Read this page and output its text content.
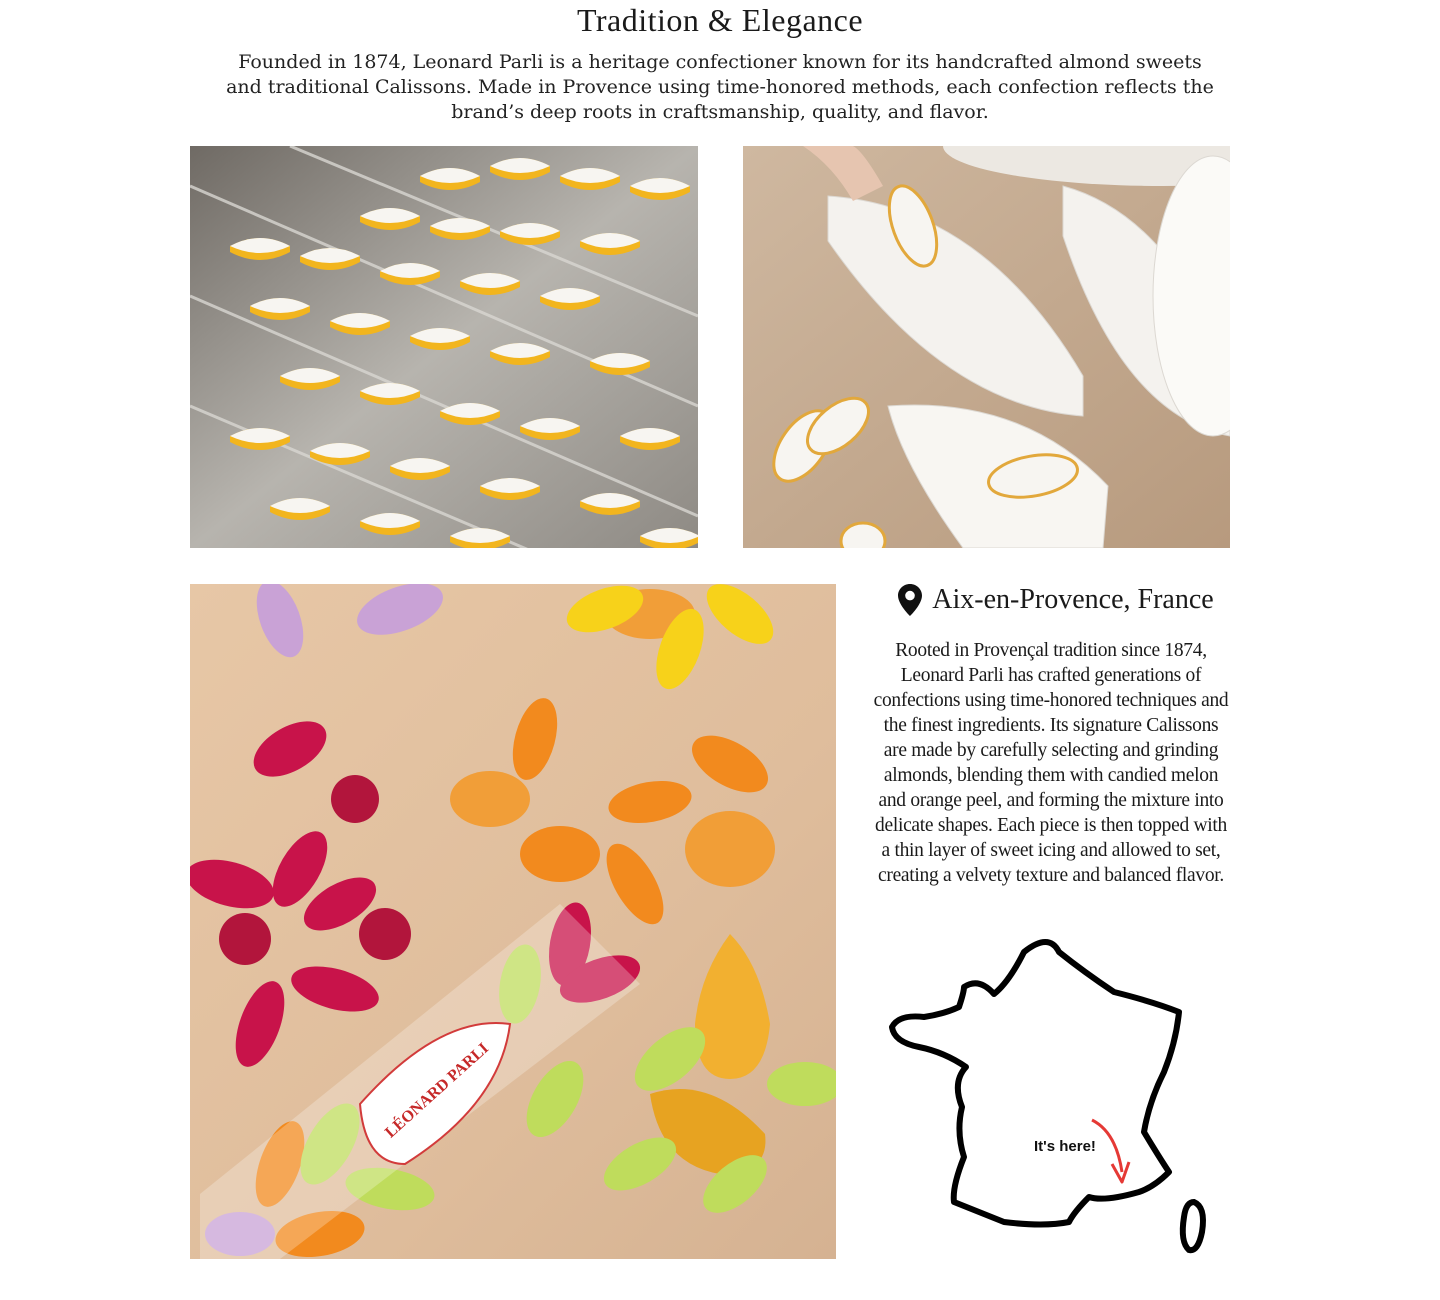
Tradition & Elegance
Founded in 1874, Leonard Parli is a heritage confectioner known for its handcrafted almond sweets and traditional Calissons. Made in Provence using time-honored methods, each confection reflects the brand’s deep roots in craftsmanship, quality, and flavor.
LÉONARD PARLI
Aix-en-Provence, France
Rooted in Provençal tradition since 1874, Leonard Parli has crafted generations of confections using time-honored techniques and the finest ingredients. Its signature Calissons are made by carefully selecting and grinding almonds, blending them with candied melon and orange peel, and forming the mixture into delicate shapes. Each piece is then topped with a thin layer of sweet icing and allowed to set, creating a velvety texture and balanced flavor.
It's here!
